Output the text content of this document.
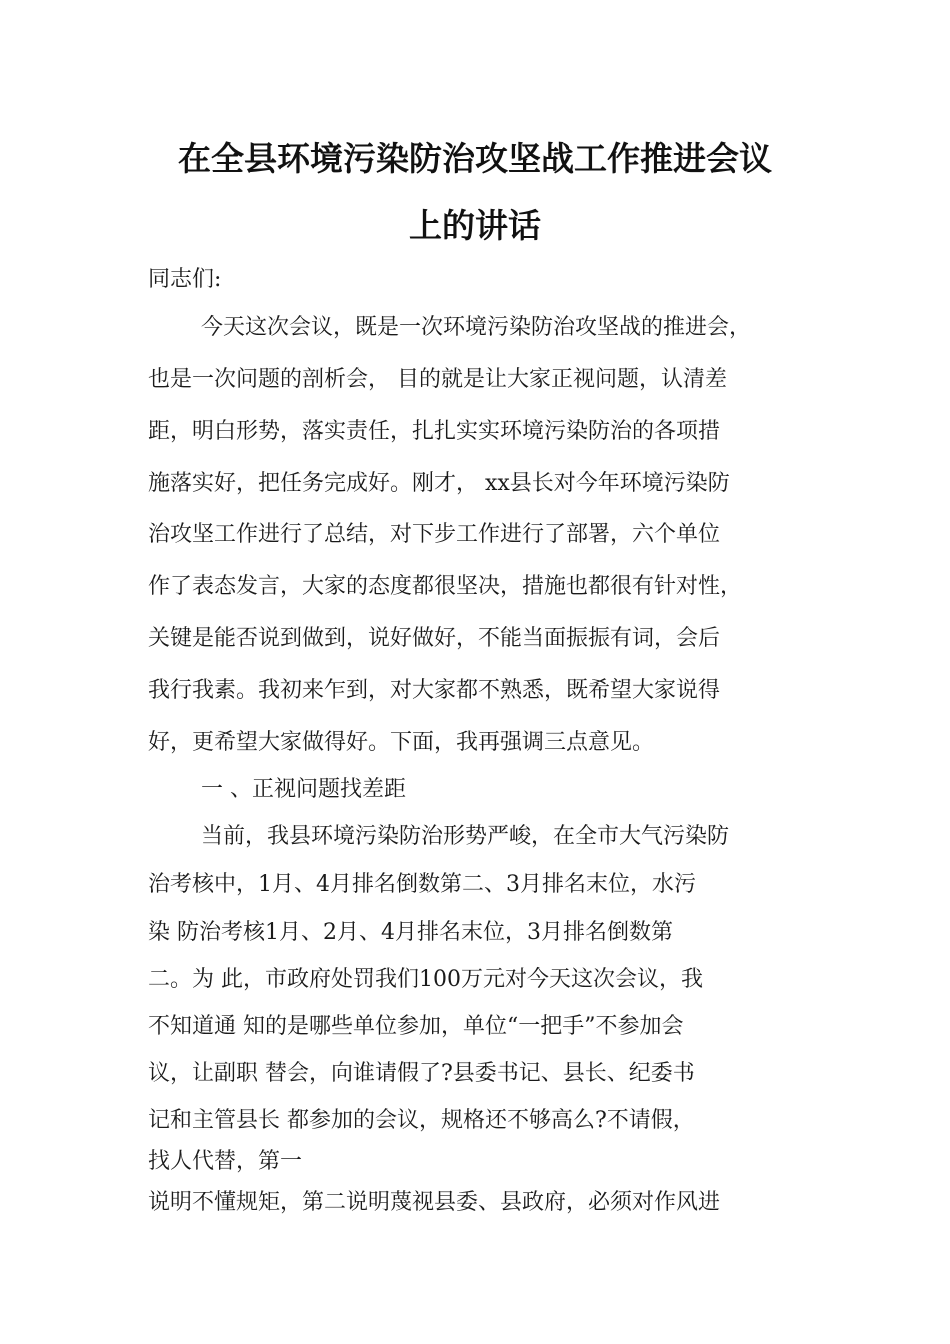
在全县环境污染防治攻坚战工作推进会议
上的讲话
同志们:
今天这次会议，既是一次环境污染防治攻坚战的推进会，
也是一次问题的剖析会， 目的就是让大家正视问题，认清差
距，明白形势，落实责任，扎扎实实环境污染防治的各项措
施落实好，把任务完成好。刚才， xx县长对今年环境污染防
治攻坚工作进行了总结，对下步工作进行了部署，六个单位
作了表态发言，大家的态度都很坚决，措施也都很有针对性，
关键是能否说到做到，说好做好，不能当面振振有词，会后
我行我素。我初来乍到，对大家都不熟悉，既希望大家说得
好，更希望大家做得好。下面，我再强调三点意见。
一 、正视问题找差距
当前，我县环境污染防治形势严峻，在全市大气污染防
治考核中，1月、4月排名倒数第二、3月排名末位，水污
染 防治考核1月、2月、4月排名末位，3月排名倒数第
二。为 此，市政府处罚我们100万元对今天这次会议，我
不知道通 知的是哪些单位参加，单位“一把手”不参加会
议，让副职 替会，向谁请假了?县委书记、县长、纪委书
记和主管县长 都参加的会议，规格还不够高么?不请假，
找人代替，第一
说明不懂规矩，第二说明蔑视县委、县政府，必须对作风进
